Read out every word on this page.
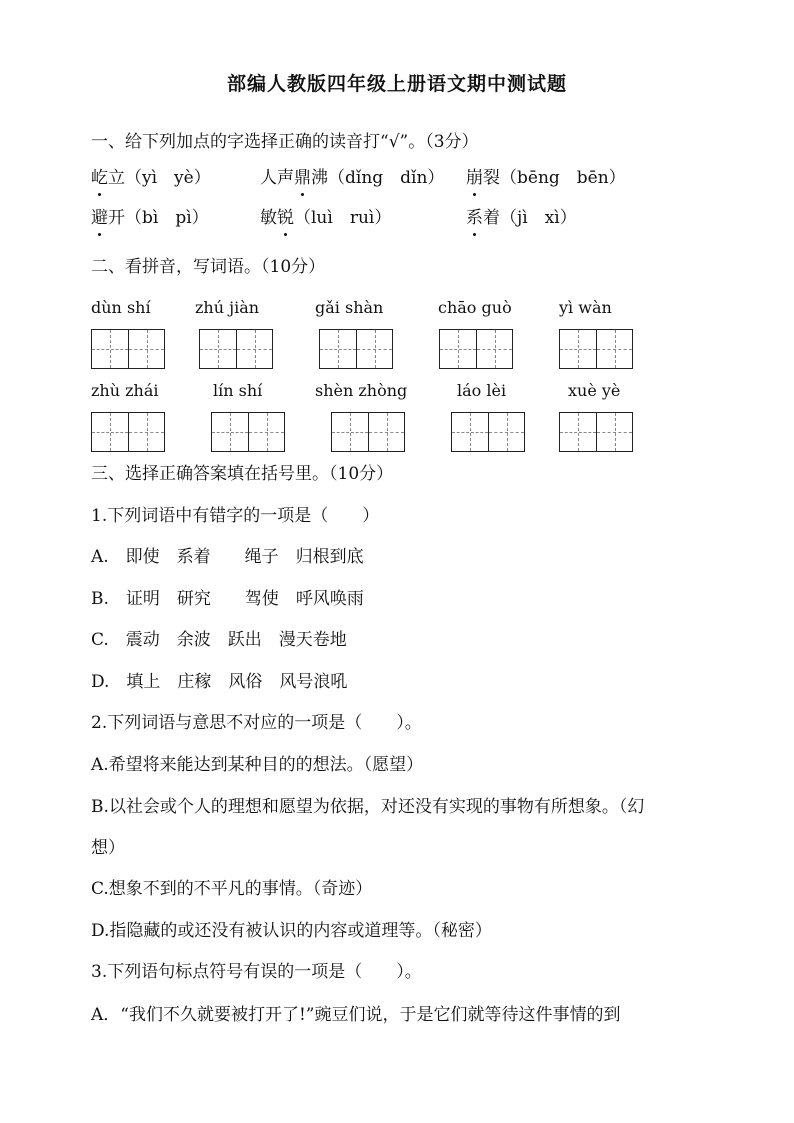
部编人教版四年级上册语文期中测试题
一、给下列加点的字选择正确的读音打“√”。（3分）
屹立（yì　yè）	人声鼎沸（dǐng　dǐn） 崩裂（bēng　bēn）
避开（bì　pì）	敏锐（luì　ruì）	系着（jì　xì）
二、看拼音，写词语。（10分）
dùn shí	zhú jiàn	gǎi shàn	chāo guò	yì wàn
zhù zhái	lín shí	shèn zhòng	láo lèi	xuè yè
三、选择正确答案填在括号里。（10分）
1.下列词语中有错字的一项是（　　）
A.　即使　系着　　绳子　归根到底
B.　证明　研究　　驾使　呼风唤雨
C.　震动　余波　跃出　漫天卷地
D.　填上　庄稼　风俗　风号浪吼
2.下列词语与意思不对应的一项是（　　）。
A.希望将来能达到某种目的的想法。（愿望）
B.以社会或个人的理想和愿望为依据，对还没有实现的事物有所想象。（幻
想）
C.想象不到的不平凡的事情。（奇迹）
D.指隐藏的或还没有被认识的内容或道理等。（秘密）
3.下列语句标点符号有误的一项是（　　）。
A．“我们不久就要被打开了!”豌豆们说，于是它们就等待这件事情的到
